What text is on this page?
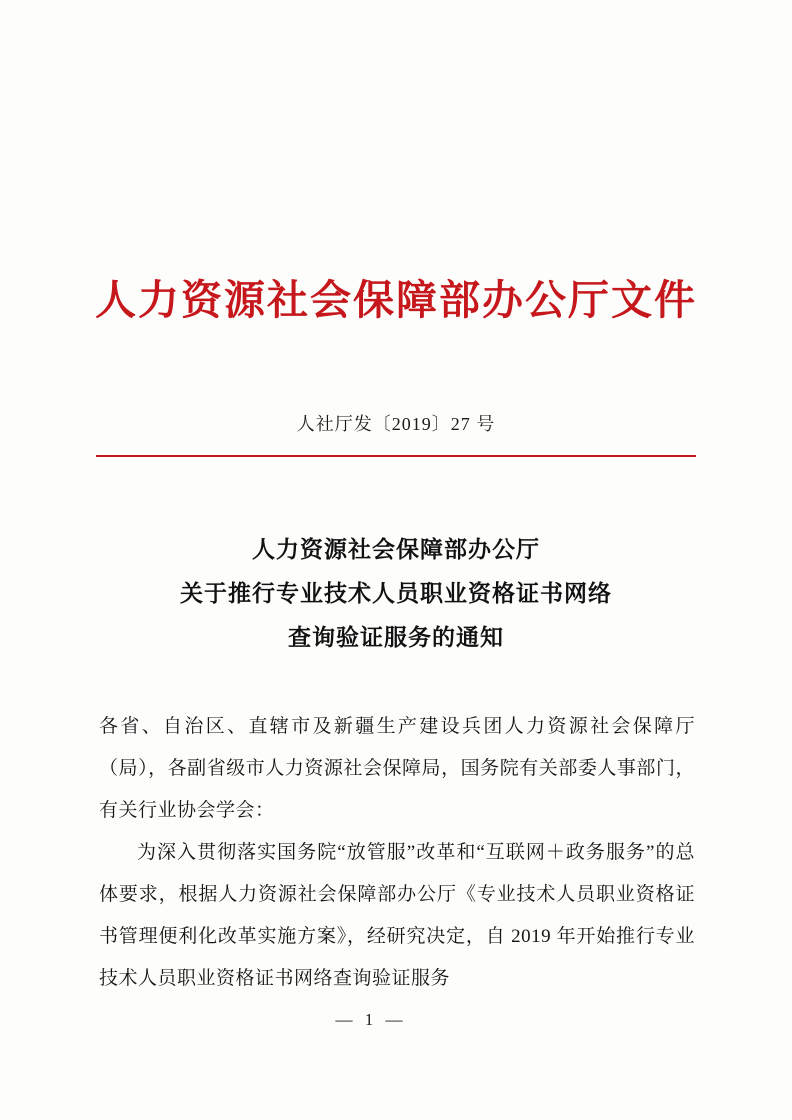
人力资源社会保障部办公厅文件
人社厅发〔2019〕27 号
人力资源社会保障部办公厅
关于推行专业技术人员职业资格证书网络
查询验证服务的通知

各省、自治区、直辖市及新疆生产建设兵团人力资源社会保障厅（局），各副省级市人力资源社会保障局，国务院有关部委人事部门，有关行业协会学会：

为深入贯彻落实国务院“放管服”改革和“互联网＋政务服务”的总体要求，根据人力资源社会保障部办公厅《专业技术人员职业资格证书管理便利化改革实施方案》，经研究决定，自 2019 年开始推行专业技术人员职业资格证书网络查询验证服务

— 1 —
